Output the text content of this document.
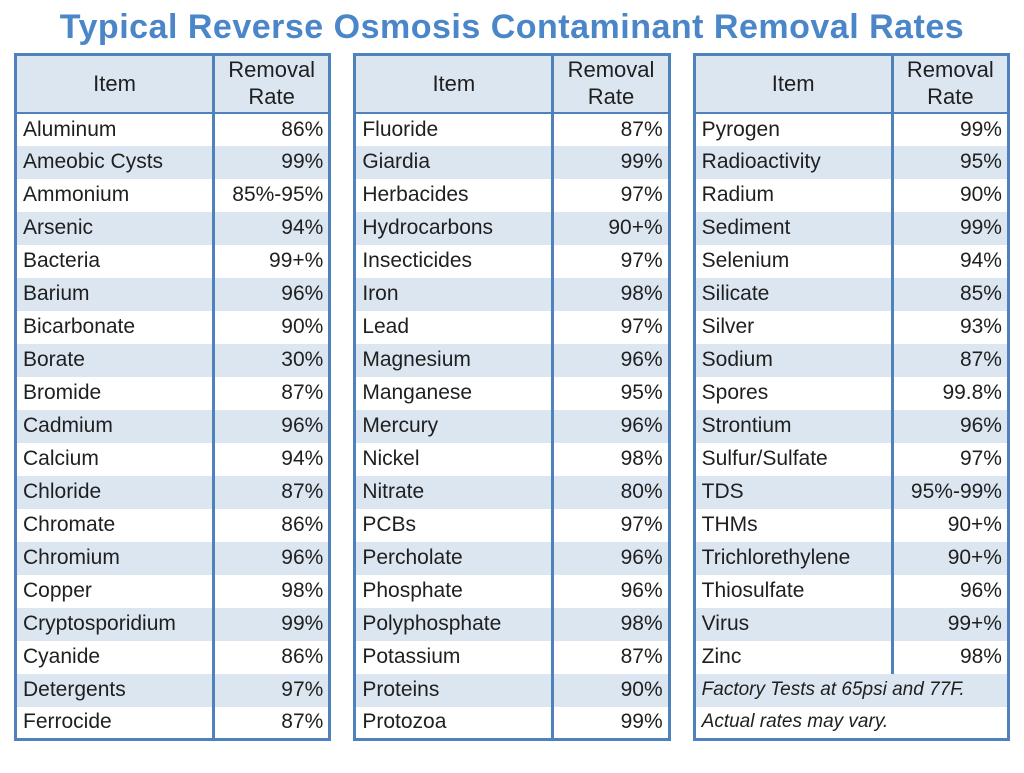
Typical Reverse Osmosis Contaminant Removal Rates
Item	Removal Rate
Aluminum	86%
Ameobic Cysts	99%
Ammonium	85%-95%
Arsenic	94%
Bacteria	99+%
Barium	96%
Bicarbonate	90%
Borate	30%
Bromide	87%
Cadmium	96%
Calcium	94%
Chloride	87%
Chromate	86%
Chromium	96%
Copper	98%
Cryptosporidium	99%
Cyanide	86%
Detergents	97%
Ferrocide	87%
Item	Removal Rate
Fluoride	87%
Giardia	99%
Herbacides	97%
Hydrocarbons	90+%
Insecticides	97%
Iron	98%
Lead	97%
Magnesium	96%
Manganese	95%
Mercury	96%
Nickel	98%
Nitrate	80%
PCBs	97%
Percholate	96%
Phosphate	96%
Polyphosphate	98%
Potassium	87%
Proteins	90%
Protozoa	99%
Item	Removal Rate
Pyrogen	99%
Radioactivity	95%
Radium	90%
Sediment	99%
Selenium	94%
Silicate	85%
Silver	93%
Sodium	87%
Spores	99.8%
Strontium	96%
Sulfur/Sulfate	97%
TDS	95%-99%
THMs	90+%
Trichlorethylene	90+%
Thiosulfate	96%
Virus	99+%
Zinc	98%
Factory Tests at 65psi and 77F.	
Actual rates may vary.	
